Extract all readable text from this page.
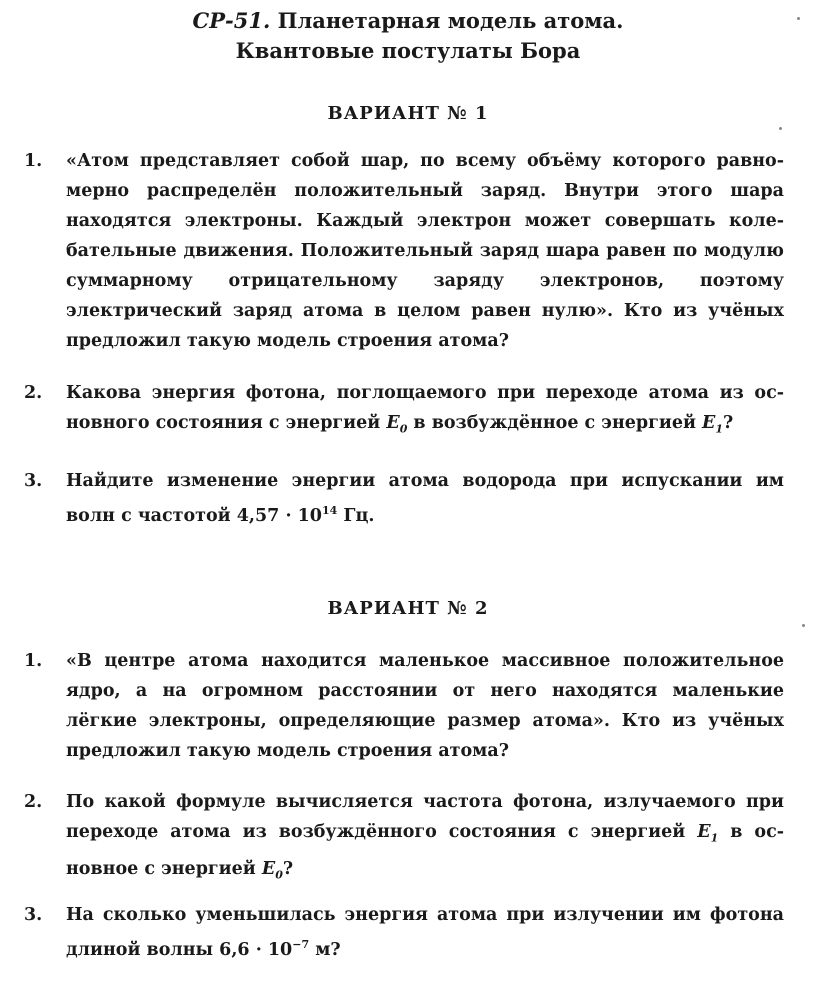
СР-51. Планетарная модель атома.
Квантовые постулаты Бора
ВАРИАНТ № 1
1. «Атом представляет собой шар, по всему объёму которого равномерно распределён положительный заряд. Внутри этого шара находятся электроны. Каждый электрон может совершать колебательные движения. Положительный заряд шара равен по модулю суммарному отрицательному заряду электронов, поэтому электрический заряд атома в целом равен нулю». Кто из учёных предложил такую модель строения атома?
2. Какова энергия фотона, поглощаемого при переходе атома из основного состояния с энергией $E_0$ в возбуждённое с энергией $E_1$?
3. Найдите изменение энергии атома водорода при испускании им волн с частотой $4,57 \cdot 10^{14}$ Гц.
ВАРИАНТ № 2
1. «В центре атома находится маленькое массивное положительное ядро, а на огромном расстоянии от него находятся маленькие лёгкие электроны, определяющие размер атома». Кто из учёных предложил такую модель строения атома?
2. По какой формуле вычисляется частота фотона, излучаемого при переходе атома из возбуждённого состояния с энергией $E_1$ в основное с энергией $E_0$?
3. На сколько уменьшилась энергия атома при излучении им фотона длиной волны $6,6 \cdot 10^{-7}$ м?
